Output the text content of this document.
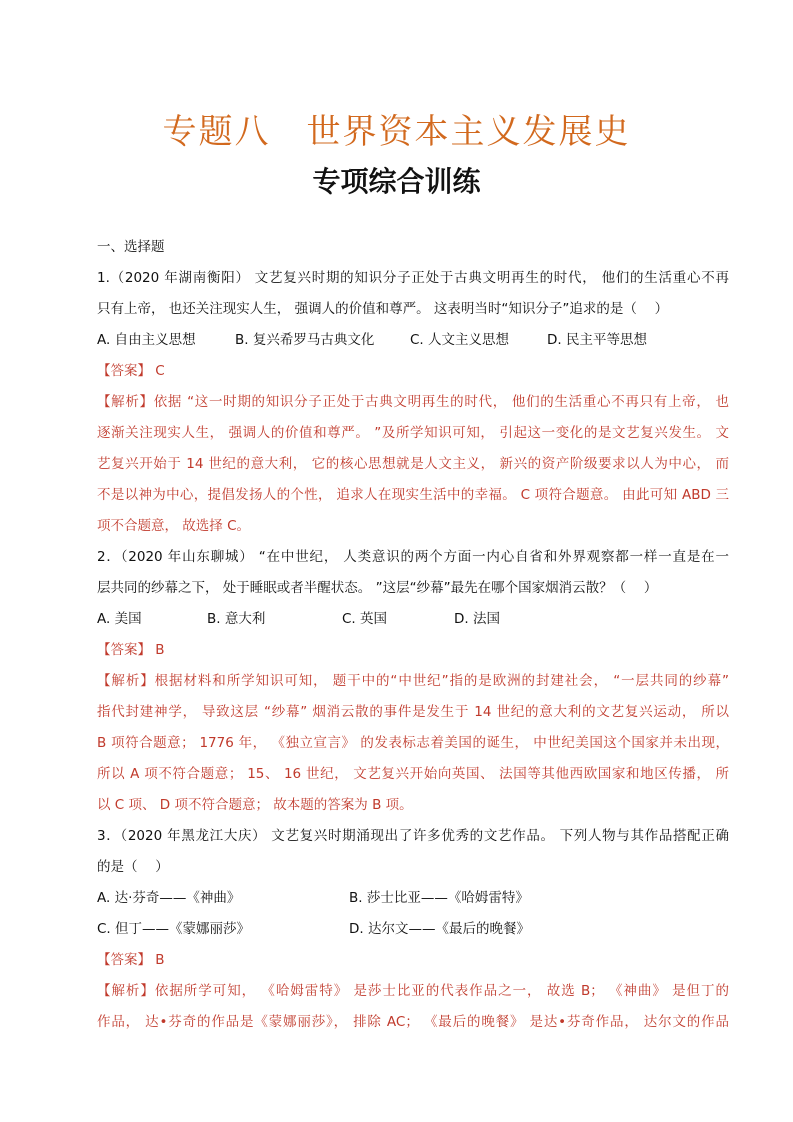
专题八　世界资本主义发展史
专项综合训练
一、选择题
1.（2020 年湖南衡阳） 文艺复兴时期的知识分子正处于古典文明再生的时代， 他们的生活重心不再
只有上帝， 也还关注现实人生， 强调人的价值和尊严。 这表明当时“知识分子”追求的是（　 ）
A. 自由主义思想	B. 复兴希罗马古典文化	C. 人文主义思想	D. 民主平等思想
【答案】 C
【解析】依据 “这一时期的知识分子正处于古典文明再生的时代， 他们的生活重心不再只有上帝， 也
逐渐关注现实人生， 强调人的价值和尊严。 ”及所学知识可知， 引起这一变化的是文艺复兴发生。 文
艺复兴开始于 14 世纪的意大利， 它的核心思想就是人文主义， 新兴的资产阶级要求以人为中心， 而
不是以神为中心，提倡发扬人的个性， 追求人在现实生活中的幸福。 C 项符合题意。 由此可知 ABD 三
项不合题意， 故选择 C。
2．（2020 年山东聊城） “在中世纪， 人类意识的两个方面一内心自省和外界观察都一样一直是在一
层共同的纱幕之下， 处于睡眠或者半醒状态。 ”这层“纱幕”最先在哪个国家烟消云散？（　 ）
A. 美国	B. 意大利	C. 英国	D. 法国
【答案】 B
【解析】根据材料和所学知识可知， 题干中的“中世纪”指的是欧洲的封建社会， “一层共同的纱幕”
指代封建神学， 导致这层 “纱幕” 烟消云散的事件是发生于 14 世纪的意大利的文艺复兴运动， 所以
B 项符合题意； 1776 年， 《独立宣言》 的发表标志着美国的诞生， 中世纪美国这个国家并未出现，
所以 A 项不符合题意； 15、 16 世纪， 文艺复兴开始向英国、 法国等其他西欧国家和地区传播， 所
以 C 项、 D 项不符合题意； 故本题的答案为 B 项。
3．（2020 年黑龙江大庆） 文艺复兴时期涌现出了许多优秀的文艺作品。 下列人物与其作品搭配正确
的是（　 ）
A. 达·芬奇——《神曲》	B. 莎士比亚——《哈姆雷特》
C. 但丁——《蒙娜丽莎》	D. 达尔文——《最后的晚餐》
【答案】 B
【解析】依据所学可知， 《哈姆雷特》 是莎士比亚的代表作品之一， 故选 B； 《神曲》 是但丁的
作品， 达•芬奇的作品是《蒙娜丽莎》， 排除 AC； 《最后的晚餐》 是达•芬奇作品， 达尔文的作品
